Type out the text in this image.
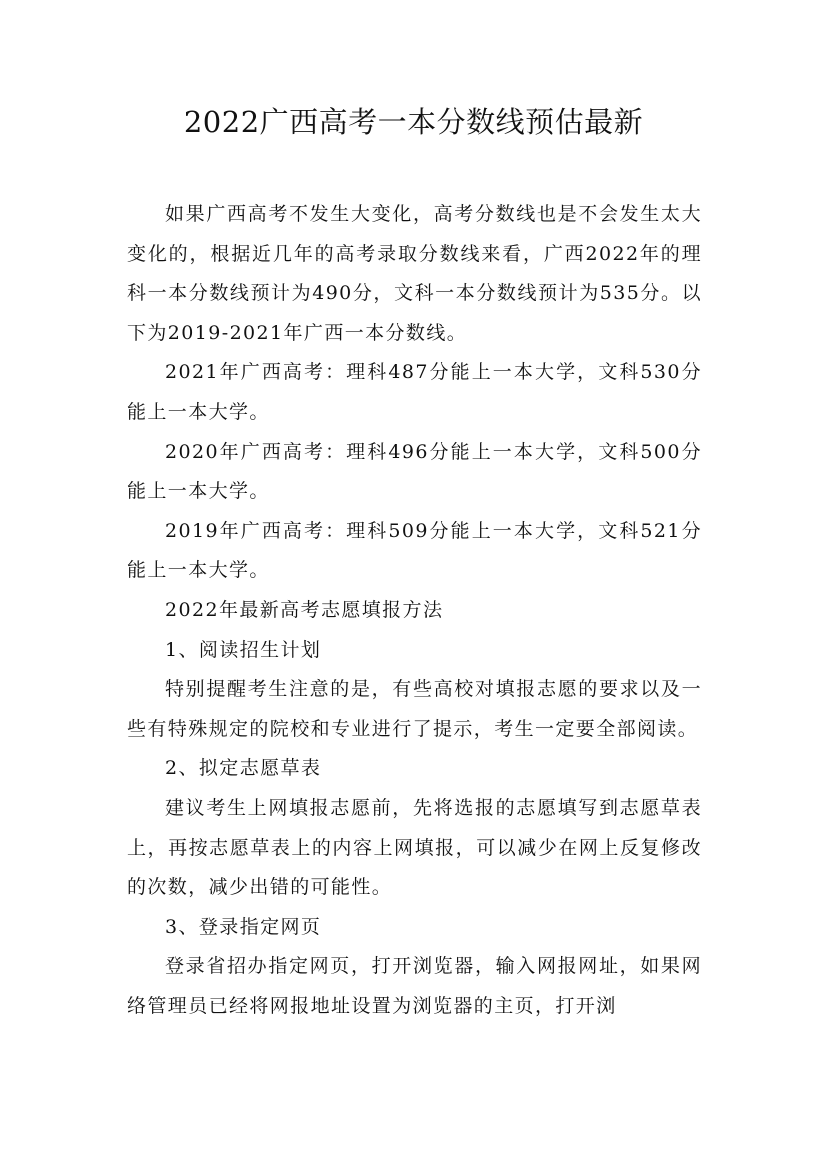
2022广西高考一本分数线预估最新

如果广西高考不发生大变化，高考分数线也是不会发生太大变化的，根据近几年的高考录取分数线来看，广西2022年的理科一本分数线预计为490分，文科一本分数线预计为535分。以下为2019-2021年广西一本分数线。

2021年广西高考：理科487分能上一本大学，文科530分能上一本大学。

2020年广西高考：理科496分能上一本大学，文科500分能上一本大学。

2019年广西高考：理科509分能上一本大学，文科521分能上一本大学。

2022年最新高考志愿填报方法

1、阅读招生计划

特别提醒考生注意的是，有些高校对填报志愿的要求以及一些有特殊规定的院校和专业进行了提示，考生一定要全部阅读。

2、拟定志愿草表

建议考生上网填报志愿前，先将选报的志愿填写到志愿草表上，再按志愿草表上的内容上网填报，可以减少在网上反复修改的次数，减少出错的可能性。

3、登录指定网页

登录省招办指定网页，打开浏览器，输入网报网址，如果网络管理员已经将网报地址设置为浏览器的主页，打开浏
